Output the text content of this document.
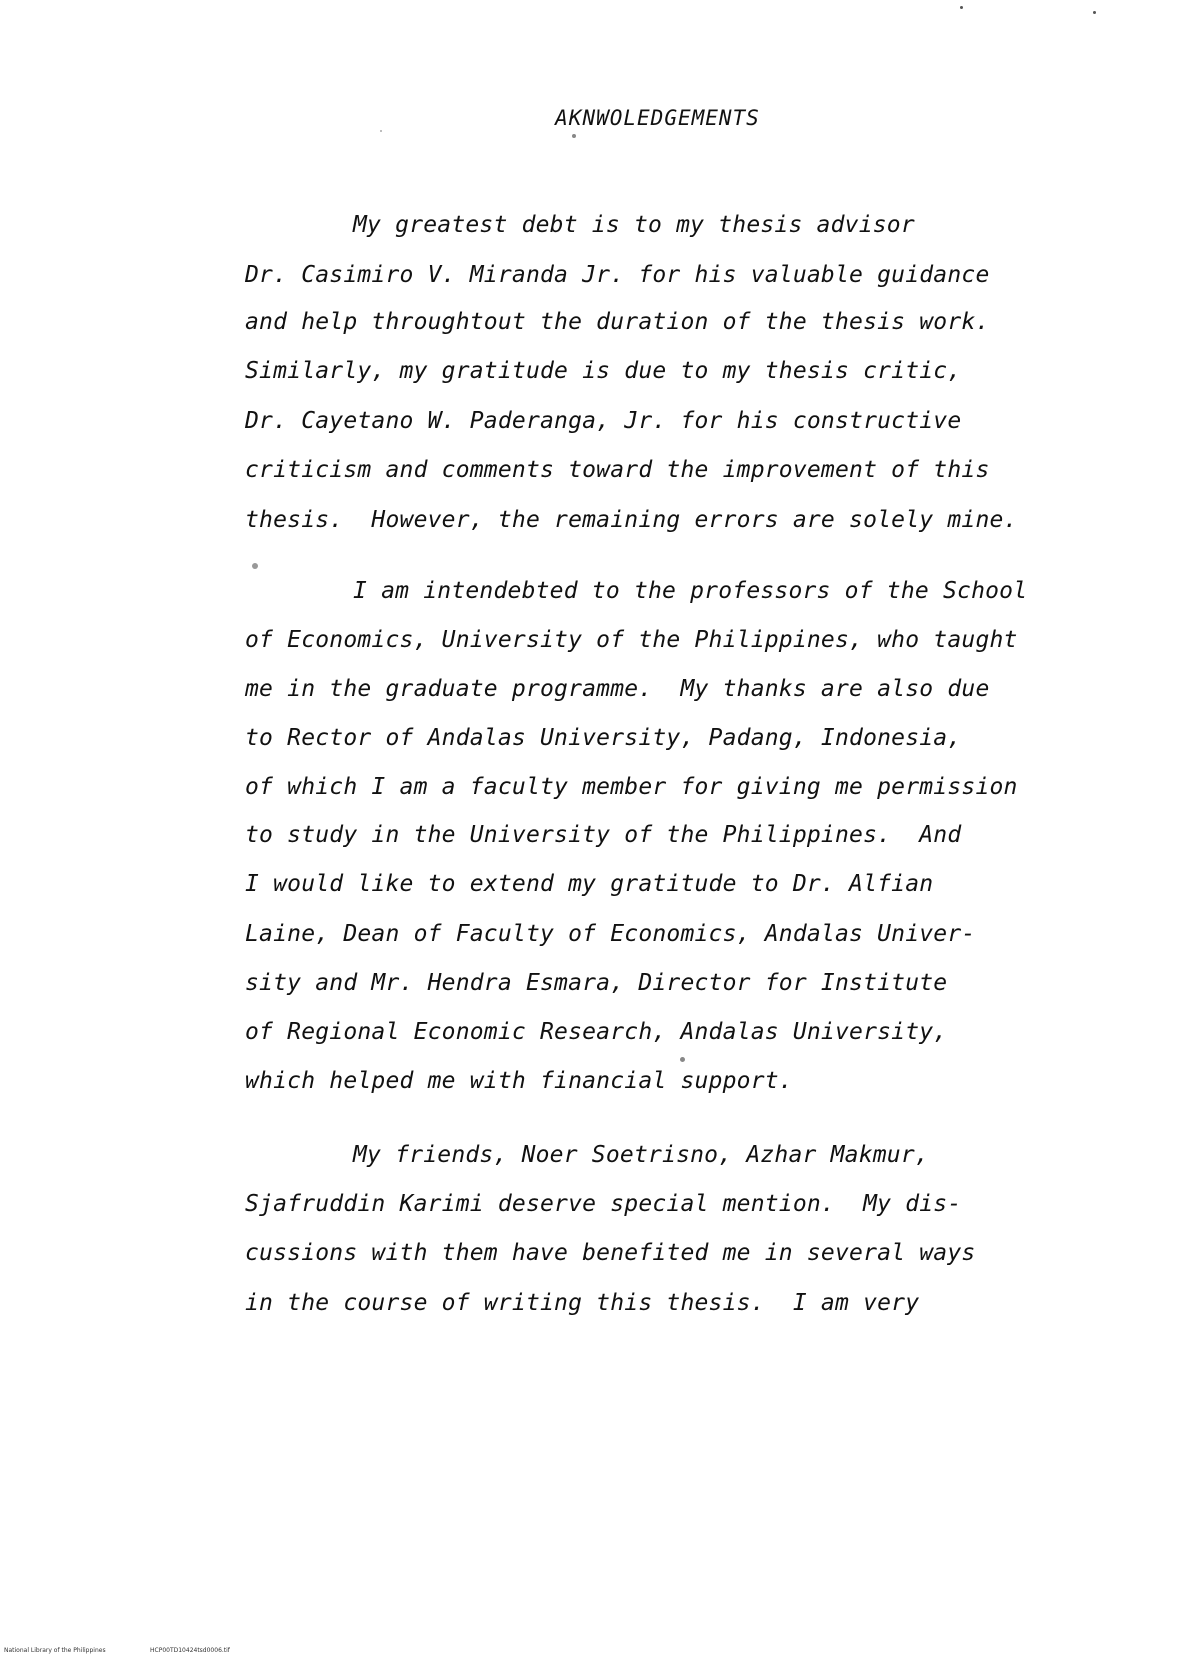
AKNWOLEDGEMENTS
My greatest debt is to my thesis advisor
Dr. Casimiro V. Miranda Jr. for his valuable guidance
and help throughtout the duration of the thesis work.
Similarly, my gratitude is due to my thesis critic,
Dr. Cayetano W. Paderanga, Jr. for his constructive
criticism and comments toward the improvement of this
thesis.  However, the remaining errors are solely mine.
I am intendebted to the professors of the School
of Economics, University of the Philippines, who taught
me in the graduate programme.  My thanks are also due
to Rector of Andalas University, Padang, Indonesia,
of which I am a faculty member for giving me permission
to study in the University of the Philippines.  And
I would like to extend my gratitude to Dr. Alfian
Laine, Dean of Faculty of Economics, Andalas Univer-
sity and Mr. Hendra Esmara, Director for Institute
of Regional Economic Research, Andalas University,
which helped me with financial support.
My friends, Noer Soetrisno, Azhar Makmur,
Sjafruddin Karimi deserve special mention.  My dis-
cussions with them have benefited me in several ways
in the course of writing this thesis.  I am very
National Library of the Philippines	HCP00TD10424tsd0006.tif
